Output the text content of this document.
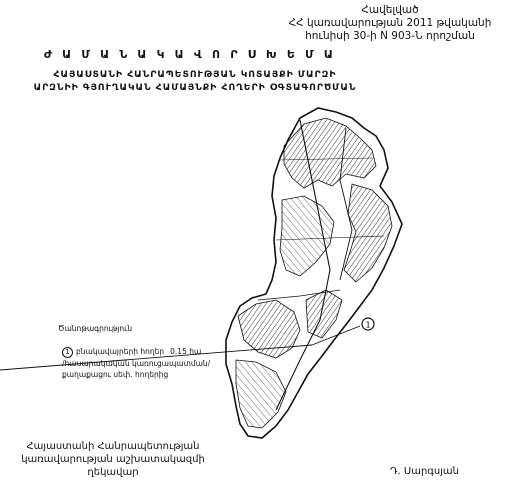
Հավելված
ՀՀ կառավարության 2011 թվականի
հունիսի 30-ի N 903-Ն որոշման
Ժ Ա Մ Ա Ն Ա Կ Ա Վ Ո Ր Ս Խ Ե Մ Ա
ՀԱՅԱՍՏԱՆԻ ՀԱՆՐԱՊԵՏՈՒԹՅԱՆ ԿՈՏԱՅՔԻ ՄԱՐԶԻ
ԱՐԶՆԻԻ ԳՅՈՒՂԱԿԱՆ ՀԱՄԱՅՆՔԻ ՀՈՂԵՐԻ ՕԳՏԱԳՈՐԾՄԱՆ
1
Ծանոթագրություն
1 բնակավայրերի հողեր 0.15 հա
/հասարակական կառուցապատման/
քաղաքացու սեփ. հողերից
Հայաստանի Հանրապետության
կառավարության աշխատակազմի
ղեկավար	Դ. Սարգսյան
